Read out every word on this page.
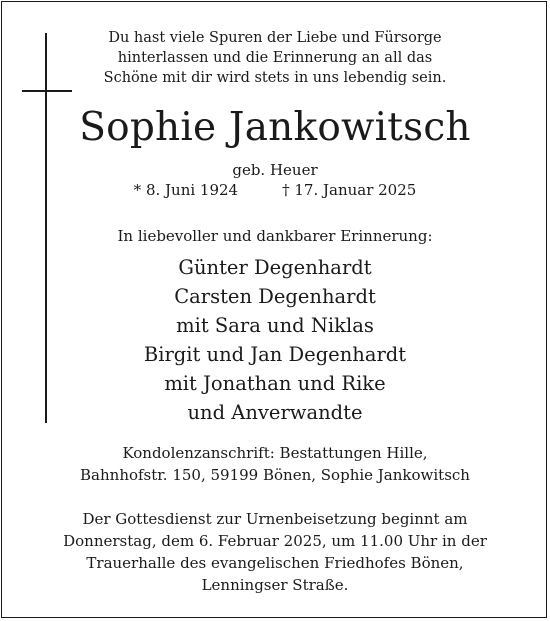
Du hast viele Spuren der Liebe und Fürsorge
hinterlassen und die Erinnerung an all das
Schöne mit dir wird stets in uns lebendig sein.
Sophie Jankowitsch
geb. Heuer
* 8. Juni 1924	† 17. Januar 2025
In liebevoller und dankbarer Erinnerung:
Günter Degenhardt
Carsten Degenhardt
mit Sara und Niklas
Birgit und Jan Degenhardt
mit Jonathan und Rike
und Anverwandte
Kondolenzanschrift: Bestattungen Hille,
Bahnhofstr. 150, 59199 Bönen, Sophie Jankowitsch
Der Gottesdienst zur Urnenbeisetzung beginnt am
Donnerstag, dem 6. Februar 2025, um 11.00 Uhr in der
Trauerhalle des evangelischen Friedhofes Bönen,
Lenningser Straße.
